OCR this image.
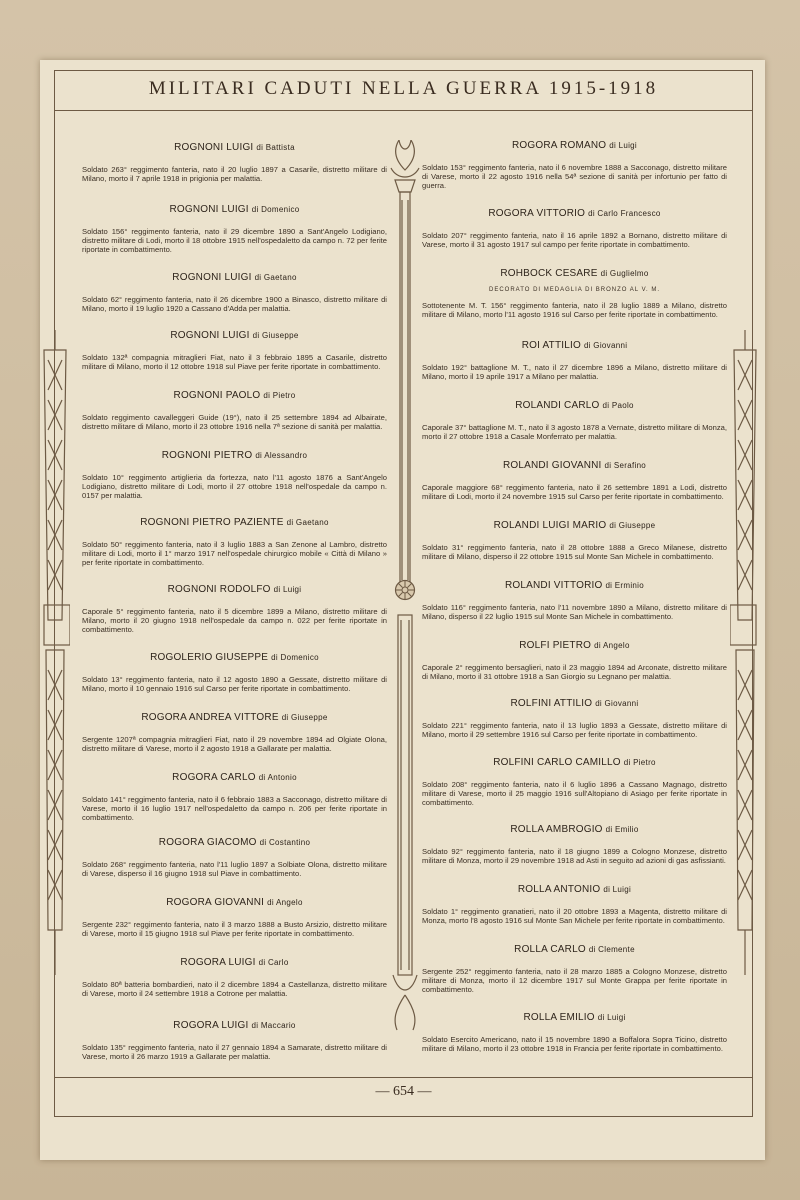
MILITARI CADUTI NELLA GUERRA 1915-1918
— 654 —
ROGNONI LUIGI di Battista
Soldato 263° reggimento fanteria, nato il 20 luglio 1897 a Casarile, distretto militare di Milano, morto il 7 aprile 1918 in prigionia per malattia.
ROGNONI LUIGI di Domenico
Soldato 156° reggimento fanteria, nato il 29 dicembre 1890 a Sant'Angelo Lodigiano, distretto militare di Lodi, morto il 18 ottobre 1915 nell'ospedaletto da campo n. 72 per ferite riportate in combattimento.
ROGNONI LUIGI di Gaetano
Soldato 62° reggimento fanteria, nato il 26 dicembre 1900 a Binasco, distretto militare di Milano, morto il 19 luglio 1920 a Cassano d'Adda per malattia.
ROGNONI LUIGI di Giuseppe
Soldato 132ª compagnia mitraglieri Fiat, nato il 3 febbraio 1895 a Casarile, distretto militare di Milano, morto il 12 ottobre 1918 sul Piave per ferite riportate in combattimento.
ROGNONI PAOLO di Pietro
Soldato reggimento cavalleggeri Guide (19°), nato il 25 settembre 1894 ad Albairate, distretto militare di Milano, morto il 23 ottobre 1916 nella 7ª sezione di sanità per malattia.
ROGNONI PIETRO di Alessandro
Soldato 10° reggimento artiglieria da fortezza, nato l'11 agosto 1876 a Sant'Angelo Lodigiano, distretto militare di Lodi, morto il 27 ottobre 1918 nell'ospedale da campo n. 0157 per malattia.
ROGNONI PIETRO PAZIENTE di Gaetano
Soldato 50° reggimento fanteria, nato il 3 luglio 1883 a San Zenone al Lambro, distretto militare di Lodi, morto il 1° marzo 1917 nell'ospedale chirurgico mobile « Città di Milano » per ferite riportate in combattimento.
ROGNONI RODOLFO di Luigi
Caporale 5° reggimento fanteria, nato il 5 dicembre 1899 a Milano, distretto militare di Milano, morto il 20 giugno 1918 nell'ospedale da campo n. 022 per ferite riportate in combattimento.
ROGOLERIO GIUSEPPE di Domenico
Soldato 13° reggimento fanteria, nato il 12 agosto 1890 a Gessate, distretto militare di Milano, morto il 10 gennaio 1916 sul Carso per ferite riportate in combattimento.
ROGORA ANDREA VITTORE di Giuseppe
Sergente 1207ª compagnia mitraglieri Fiat, nato il 29 novembre 1894 ad Olgiate Olona, distretto militare di Varese, morto il 2 agosto 1918 a Gallarate per malattia.
ROGORA CARLO di Antonio
Soldato 141° reggimento fanteria, nato il 6 febbraio 1883 a Sacconago, distretto militare di Varese, morto il 16 luglio 1917 nell'ospedaletto da campo n. 206 per ferite riportate in combattimento.
ROGORA GIACOMO di Costantino
Soldato 268° reggimento fanteria, nato l'11 luglio 1897 a Solbiate Olona, distretto militare di Varese, disperso il 16 giugno 1918 sul Piave in combattimento.
ROGORA GIOVANNI di Angelo
Sergente 232° reggimento fanteria, nato il 3 marzo 1888 a Busto Arsizio, distretto militare di Varese, morto il 15 giugno 1918 sul Piave per ferite riportate in combattimento.
ROGORA LUIGI di Carlo
Soldato 80ª batteria bombardieri, nato il 2 dicembre 1894 a Castellanza, distretto militare di Varese, morto il 24 settembre 1918 a Cotrone per malattia.
ROGORA LUIGI di Maccario
Soldato 135° reggimento fanteria, nato il 27 gennaio 1894 a Samarate, distretto militare di Varese, morto il 26 marzo 1919 a Gallarate per malattia.
ROGORA ROMANO di Luigi
Soldato 153° reggimento fanteria, nato il 6 novembre 1888 a Sacconago, distretto militare di Varese, morto il 22 agosto 1916 nella 54ª sezione di sanità per infortunio per fatto di guerra.
ROGORA VITTORIO di Carlo Francesco
Soldato 207° reggimento fanteria, nato il 16 aprile 1892 a Bornano, distretto militare di Varese, morto il 31 agosto 1917 sul campo per ferite riportate in combattimento.
ROHBOCK CESARE di Guglielmo
DECORATO DI MEDAGLIA DI BRONZO AL V. M.
Sottotenente M. T. 156° reggimento fanteria, nato il 28 luglio 1889 a Milano, distretto militare di Milano, morto l'11 agosto 1916 sul Carso per ferite riportate in combattimento.
ROI ATTILIO di Giovanni
Soldato 192° battaglione M. T., nato il 27 dicembre 1896 a Milano, distretto militare di Milano, morto il 19 aprile 1917 a Milano per malattia.
ROLANDI CARLO di Paolo
Caporale 37° battaglione M. T., nato il 3 agosto 1878 a Vernate, distretto militare di Monza, morto il 27 ottobre 1918 a Casale Monferrato per malattia.
ROLANDI GIOVANNI di Serafino
Caporale maggiore 68° reggimento fanteria, nato il 26 settembre 1891 a Lodi, distretto militare di Lodi, morto il 24 novembre 1915 sul Carso per ferite riportate in combattimento.
ROLANDI LUIGI MARIO di Giuseppe
Soldato 31° reggimento fanteria, nato il 28 ottobre 1888 a Greco Milanese, distretto militare di Milano, disperso il 22 ottobre 1915 sul Monte San Michele in combattimento.
ROLANDI VITTORIO di Erminio
Soldato 116° reggimento fanteria, nato l'11 novembre 1890 a Milano, distretto militare di Milano, disperso il 22 luglio 1915 sul Monte San Michele in combattimento.
ROLFI PIETRO di Angelo
Caporale 2° reggimento bersaglieri, nato il 23 maggio 1894 ad Arconate, distretto militare di Milano, morto il 31 ottobre 1918 a San Giorgio su Legnano per malattia.
ROLFINI ATTILIO di Giovanni
Soldato 221° reggimento fanteria, nato il 13 luglio 1893 a Gessate, distretto militare di Milano, morto il 29 settembre 1916 sul Carso per ferite riportate in combattimento.
ROLFINI CARLO CAMILLO di Pietro
Soldato 208° reggimento fanteria, nato il 6 luglio 1896 a Cassano Magnago, distretto militare di Varese, morto il 25 maggio 1916 sull'Altopiano di Asiago per ferite riportate in combattimento.
ROLLA AMBROGIO di Emilio
Soldato 92° reggimento fanteria, nato il 18 giugno 1899 a Cologno Monzese, distretto militare di Monza, morto il 29 novembre 1918 ad Asti in seguito ad azioni di gas asfissianti.
ROLLA ANTONIO di Luigi
Soldato 1° reggimento granatieri, nato il 20 ottobre 1893 a Magenta, distretto militare di Monza, morto l'8 agosto 1916 sul Monte San Michele per ferite riportate in combattimento.
ROLLA CARLO di Clemente
Sergente 252° reggimento fanteria, nato il 28 marzo 1885 a Cologno Monzese, distretto militare di Monza, morto il 12 dicembre 1917 sul Monte Grappa per ferite riportate in combattimento.
ROLLA EMILIO di Luigi
Soldato Esercito Americano, nato il 15 novembre 1890 a Boffalora Sopra Ticino, distretto militare di Milano, morto il 23 ottobre 1918 in Francia per ferite riportate in combattimento.
